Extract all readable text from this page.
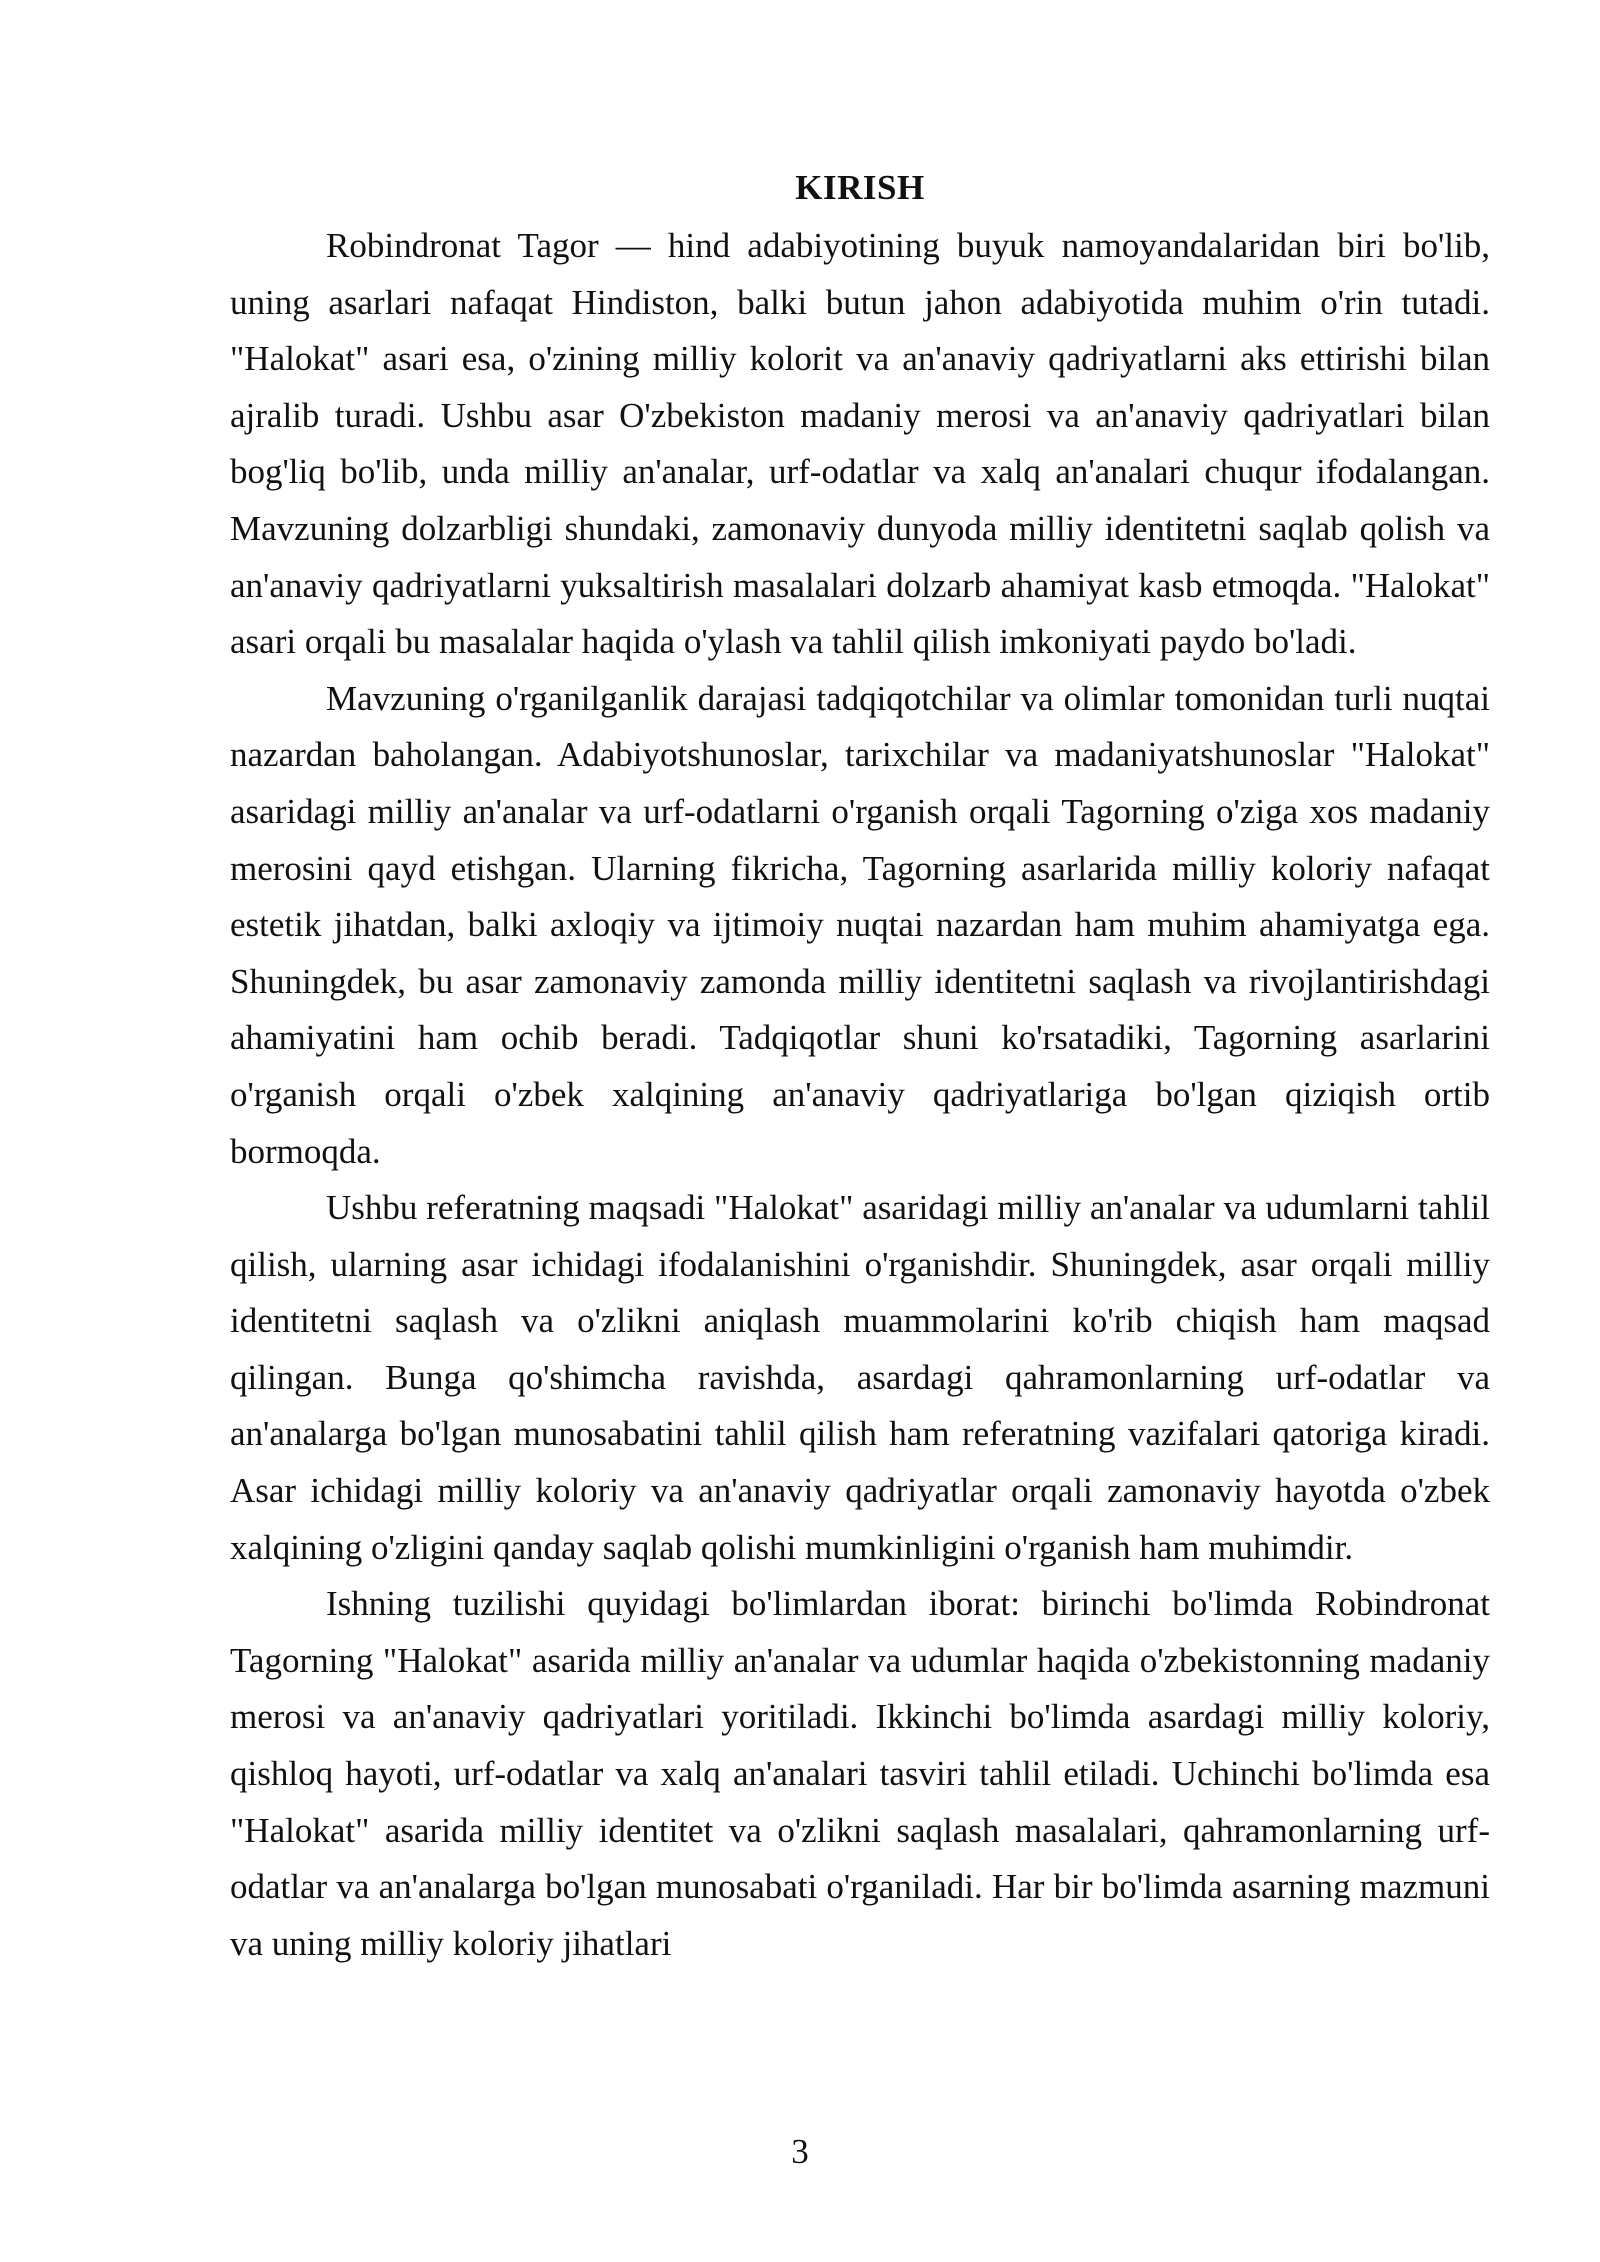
KIRISH

Robindronat Tagor — hind adabiyotining buyuk namoyandalaridan biri bo'lib, uning asarlari nafaqat Hindiston, balki butun jahon adabiyotida muhim o'rin tutadi. "Halokat" asari esa, o'zining milliy kolorit va an'anaviy qadriyatlarni aks ettirishi bilan ajralib turadi. Ushbu asar O'zbekiston madaniy merosi va an'anaviy qadriyatlari bilan bog'liq bo'lib, unda milliy an'analar, urf-odatlar va xalq an'analari chuqur ifodalangan. Mavzuning dolzarbligi shundaki, zamonaviy dunyoda milliy identitetni saqlab qolish va an'anaviy qadriyatlarni yuksaltirish masalalari dolzarb ahamiyat kasb etmoqda. "Halokat" asari orqali bu masalalar haqida o'ylash va tahlil qilish imkoniyati paydo bo'ladi.

Mavzuning o'rganilganlik darajasi tadqiqotchilar va olimlar tomonidan turli nuqtai nazardan baholangan. Adabiyotshunoslar, tarixchilar va madaniyatshunoslar "Halokat" asaridagi milliy an'analar va urf-odatlarni o'rganish orqali Tagorning o'ziga xos madaniy merosini qayd etishgan. Ularning fikricha, Tagorning asarlarida milliy koloriy nafaqat estetik jihatdan, balki axloqiy va ijtimoiy nuqtai nazardan ham muhim ahamiyatga ega. Shuningdek, bu asar zamonaviy zamonda milliy identitetni saqlash va rivojlantirishdagi ahamiyatini ham ochib beradi. Tadqiqotlar shuni ko'rsatadiki, Tagorning asarlarini o'rganish orqali o'zbek xalqining an'anaviy qadriyatlariga bo'lgan qiziqish ortib bormoqda.

Ushbu referatning maqsadi "Halokat" asaridagi milliy an'analar va udumlarni tahlil qilish, ularning asar ichidagi ifodalanishini o'rganishdir. Shuningdek, asar orqali milliy identitetni saqlash va o'zlikni aniqlash muammolarini ko'rib chiqish ham maqsad qilingan. Bunga qo'shimcha ravishda, asardagi qahramonlarning urf-odatlar va an'analarga bo'lgan munosabatini tahlil qilish ham referatning vazifalari qatoriga kiradi. Asar ichidagi milliy koloriy va an'anaviy qadriyatlar orqali zamonaviy hayotda o'zbek xalqining o'zligini qanday saqlab qolishi mumkinligini o'rganish ham muhimdir.

Ishning tuzilishi quyidagi bo'limlardan iborat: birinchi bo'limda Robindronat Tagorning "Halokat" asarida milliy an'analar va udumlar haqida o'zbekistonning madaniy merosi va an'anaviy qadriyatlari yoritiladi. Ikkinchi bo'limda asardagi milliy koloriy, qishloq hayoti, urf-odatlar va xalq an'analari tasviri tahlil etiladi. Uchinchi bo'limda esa "Halokat" asarida milliy identitet va o'zlikni saqlash masalalari, qahramonlarning urf-odatlar va an'analarga bo'lgan munosabati o'rganiladi. Har bir bo'limda asarning mazmuni va uning milliy koloriy jihatlari

3
